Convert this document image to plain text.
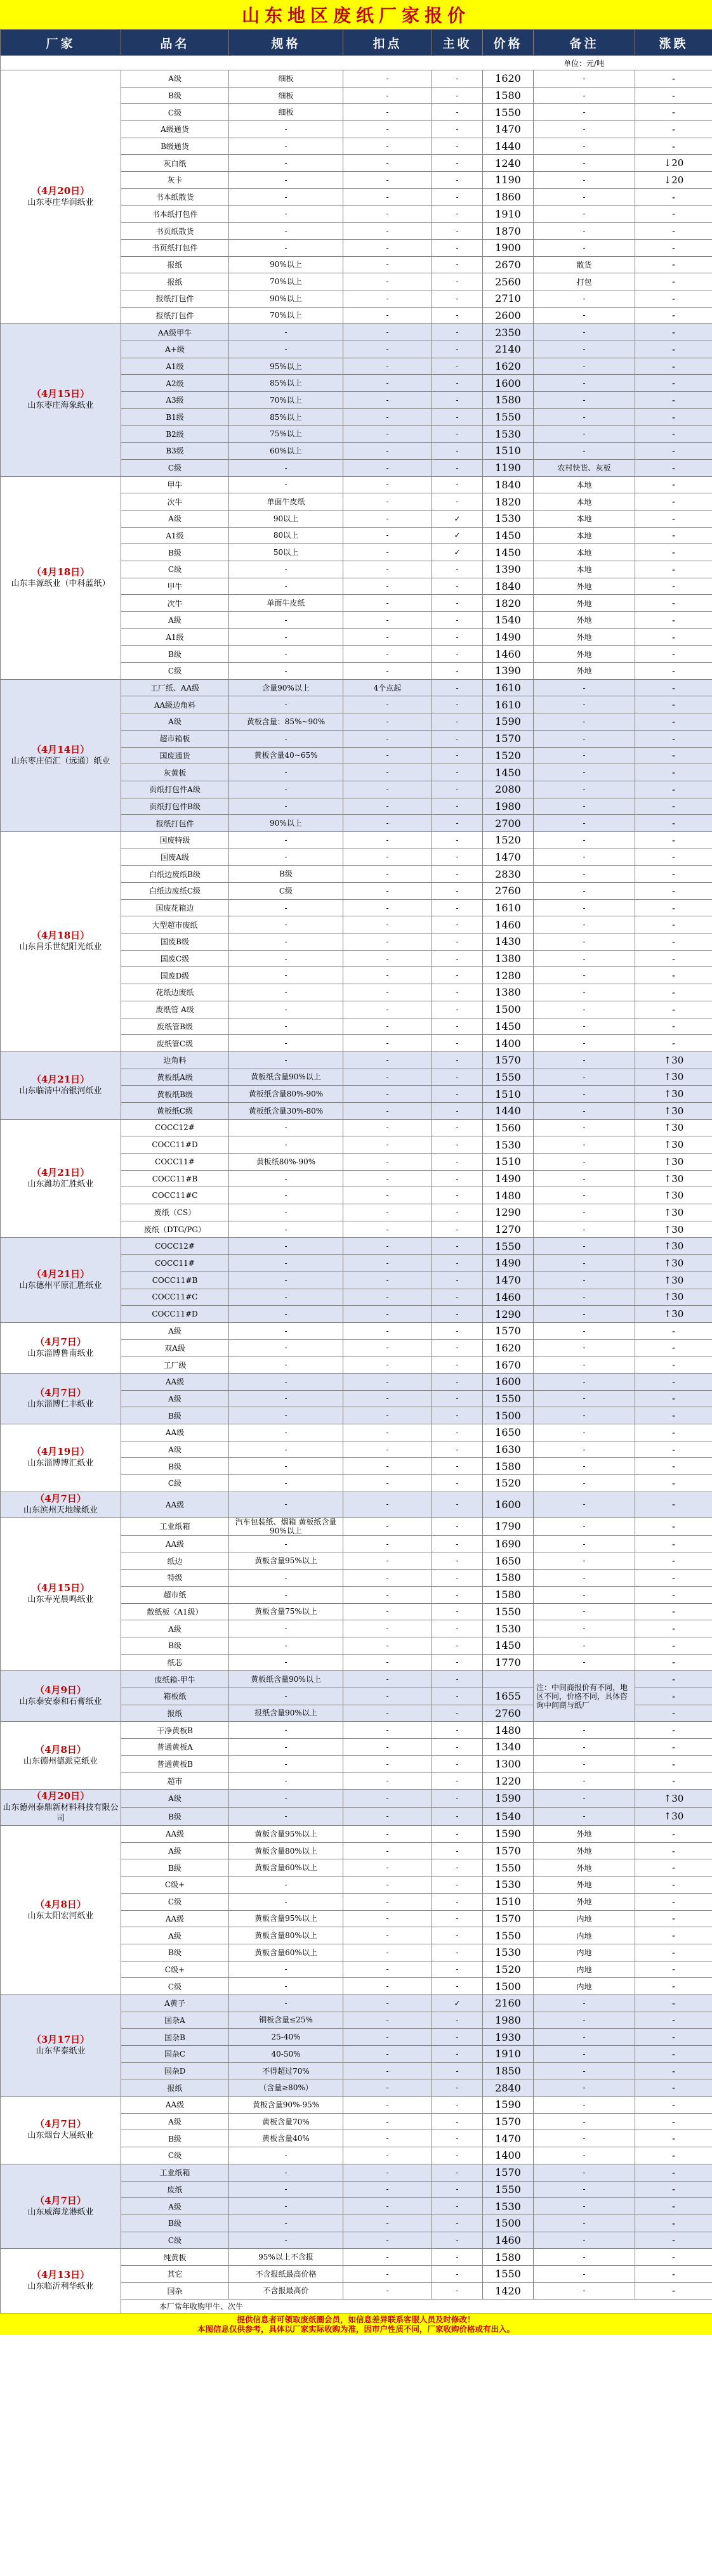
山东地区废纸厂家报价
厂家	品名	规格	扣点	主收	价格	备注	涨跌
单位：元/吨							
（4月20日）
山东枣庄华润纸业	A级	细板	-	-	1620	-	-
	B级	细板	-	-	1580	-	-
	C级	细板	-	-	1550	-	-
	A级通货	-	-	-	1470	-	-
	B级通货	-	-	-	1440	-	-
	灰白纸	-	-	-	1240	-	↓20
	灰卡	-	-	-	1190	-	↓20
	书本纸散货	-	-	-	1860	-	-
	书本纸打包件	-	-	-	1910	-	-
	书页纸散货	-	-	-	1870	-	-
	书页纸打包件	-	-	-	1900	-	-
	报纸	90%以上	-	-	2670	散货	-
	报纸	70%以上	-	-	2560	打包	-
	报纸打包件	90%以上	-	-	2710	-	-
	报纸打包件	70%以上	-	-	2600	-	-
（4月15日）
山东枣庄海象纸业	AA级甲牛	-	-	-	2350	-	-
	A+级	-	-	-	2140	-	-
	A1级	95%以上	-	-	1620	-	-
	A2级	85%以上	-	-	1600	-	-
	A3级	70%以上	-	-	1580	-	-
	B1级	85%以上	-	-	1550	-	-
	B2级	75%以上	-	-	1530	-	-
	B3级	60%以上	-	-	1510	-	-
	C级	-	-	-	1190	农村快货、灰板	-
（4月18日）
山东丰源纸业（中科蓝纸）	甲牛	-	-	-	1840	本地	-
	次牛	单面牛皮纸	-	-	1820	本地	-
	A级	90以上	-	✓	1530	本地	-
	A1级	80以上	-	✓	1450	本地	-
	B级	50以上	-	✓	1450	本地	-
	C级	-	-	-	1390	本地	-
	甲牛	-	-	-	1840	外地	-
	次牛	单面牛皮纸	-	-	1820	外地	-
	A级	-	-	-	1540	外地	-
	A1级	-	-	-	1490	外地	-
	B级	-	-	-	1460	外地	-
	C级	-	-	-	1390	外地	-
（4月14日）
山东枣庄佰汇（远通）纸业	工厂纸、AA级	含量90%以上	4个点起	-	1610	-	-
	AA级边角料	-	-	-	1610	-	-
	A级	黄板含量：85%~90%	-	-	1590	-	-
	超市箱板	-	-	-	1570	-	-
	国废通货	黄板含量40~65%	-	-	1520	-	-
	灰黄板	-	-	-	1450	-	-
	页纸打包件A级	-	-	-	2080	-	-
	页纸打包件B级	-	-	-	1980	-	-
	报纸打包件	90%以上	-	-	2700	-	-
（4月18日）
山东昌乐世纪阳光纸业	国废特级	-	-	-	1520	-	-
	国废A级	-	-	-	1470	-	-
	白纸边废纸B级	B级	-	-	2830	-	-
	白纸边废纸C级	C级	-	-	2760	-	-
	国废花箱边	-	-	-	1610	-	-
	大型超市废纸	-	-	-	1460	-	-
	国废B级	-	-	-	1430	-	-
	国废C级	-	-	-	1380	-	-
	国废D级	-	-	-	1280	-	-
	花纸边废纸	-	-	-	1380	-	-
	废纸管 A级	-	-	-	1500	-	-
	废纸管B级	-	-	-	1450	-	-
	废纸管C级	-	-	-	1400	-	-
（4月21日）
山东临清中冶银河纸业	边角料	-	-	-	1570	-	↑30
	黄板纸A级	黄板纸含量90%以上	-	-	1550	-	↑30
	黄板纸B级	黄板纸含量80%-90%	-	-	1510	-	↑30
	黄板纸C级	黄板纸含量30%-80%	-	-	1440	-	↑30
（4月21日）
山东潍坊汇胜纸业	COCC12#	-	-	-	1560	-	↑30
	COCC11#D	-	-	-	1530	-	↑30
	COCC11#	黄板纸80%-90%	-	-	1510	-	↑30
	COCC11#B	-	-	-	1490	-	↑30
	COCC11#C	-	-	-	1480	-	↑30
	废纸（CS）	-	-	-	1290	-	↑30
	废纸（DTG/PG）	-	-	-	1270	-	↑30
（4月21日）
山东德州平原汇胜纸业	COCC12#	-	-	-	1550	-	↑30
	COCC11#	-	-	-	1490	-	↑30
	COCC11#B	-	-	-	1470	-	↑30
	COCC11#C	-	-	-	1460	-	↑30
	COCC11#D	-	-	-	1290	-	↑30
（4月7日）
山东淄博鲁南纸业	A级	-	-	-	1570	-	-
	双A级	-	-	-	1620	-	-
	工厂级	-	-	-	1670	-	-
（4月7日）
山东淄博仁丰纸业	AA级	-	-	-	1600	-	-
	A级	-	-	-	1550	-	-
	B级	-	-	-	1500	-	-
（4月19日）
山东淄博博汇纸业	AA级	-	-	-	1650	-	-
	A级	-	-	-	1630	-	-
	B级	-	-	-	1580	-	-
	C级	-	-	-	1520	-	-
（4月7日）
山东滨州天地缘纸业	AA级	-	-	-	1600	-	-
（4月15日）
山东寿光晨鸣纸业	工业纸箱	汽车包装纸、烟箱 黄板纸含量90%以上	-	-	1790	-	-
	AA级	-	-	-	1690	-	-
	纸边	黄板含量95%以上	-	-	1650	-	-
	特级	-	-	-	1580	-	-
	超市纸	-	-	-	1580	-	-
	散纸板（A1级）	黄板含量75%以上	-	-	1550	-	-
	A级	-	-	-	1530	-	-
	B级	-	-	-	1450	-	-
	纸芯	-	-	-	1770	-	-
（4月9日）
山东泰安泰和石膏纸业	废纸箱-甲牛	黄板纸含量90%以上	-	-		注：中间商报价有不同，地区不同，价格不同，具体咨询中间商与纸厂	-
	箱板纸	-	-	-	1655		-
	报纸	报纸含量90%以上	-	-	2760		-
（4月8日）
山东德州德派克纸业	干净黄板B	-	-	-	1480	-	-
	普通黄板A	-	-	-	1340	-	-
	普通黄板B	-	-	-	1300	-	-
	超市	-	-	-	1220	-	-
（4月20日）
山东德州泰鼎新材料科技有限公司	A级	-	-	-	1590	-	↑30
	B级	-	-	-	1540	-	↑30
（4月8日）
山东太阳宏河纸业	AA级	黄板含量95%以上	-	-	1590	外地	-
	A级	黄板含量80%以上	-	-	1570	外地	-
	B级	黄板含量60%以上	-	-	1550	外地	-
	C级+	-	-	-	1530	外地	-
	C级	-	-	-	1510	外地	-
	AA级	黄板含量95%以上	-	-	1570	内地	-
	A级	黄板含量80%以上	-	-	1550	内地	-
	B级	黄板含量60%以上	-	-	1530	内地	-
	C级+	-	-	-	1520	内地	-
	C级	-	-	-	1500	内地	-
（3月17日）
山东华泰纸业	A黄子	-	-	✓	2160	-	-
	国杂A	铜板含量≤25%	-	-	1980	-	-
	国杂B	25-40%	-	-	1930	-	-
	国杂C	40-50%	-	-	1910	-	-
	国杂D	不得超过70%	-	-	1850	-	-
	报纸	（含量≥80%）	-	-	2840	-	-
（4月7日）
山东烟台大展纸业	AA级	黄板含量90%-95%	-	-	1590	-	-
	A级	黄板含量70%	-	-	1570	-	-
	B级	黄板含量40%	-	-	1470	-	-
	C级	-	-	-	1400	-	-
（4月7日）
山东威海龙港纸业	工业纸箱	-	-	-	1570	-	-
	废纸	-	-	-	1550	-	-
	A级	-	-	-	1530	-	-
	B级	-	-	-	1500	-	-
	C级	-	-	-	1460	-	-
（4月13日）
山东临沂利华纸业	纯黄板	95%以上不含报	-	-	1580	-	-
	其它	不含报纸最高价格	-	-	1550	-	-
	国杂	不含报最高价	-	-	1420	-	-
	本厂常年收购甲牛、次牛						
提供信息者可领取废纸圈会员，如信息差异联系客服人员及时修改！
本图信息仅供参考，具体以厂家实际收购为准，因市户性质不同，厂家收购价格或有出入。
